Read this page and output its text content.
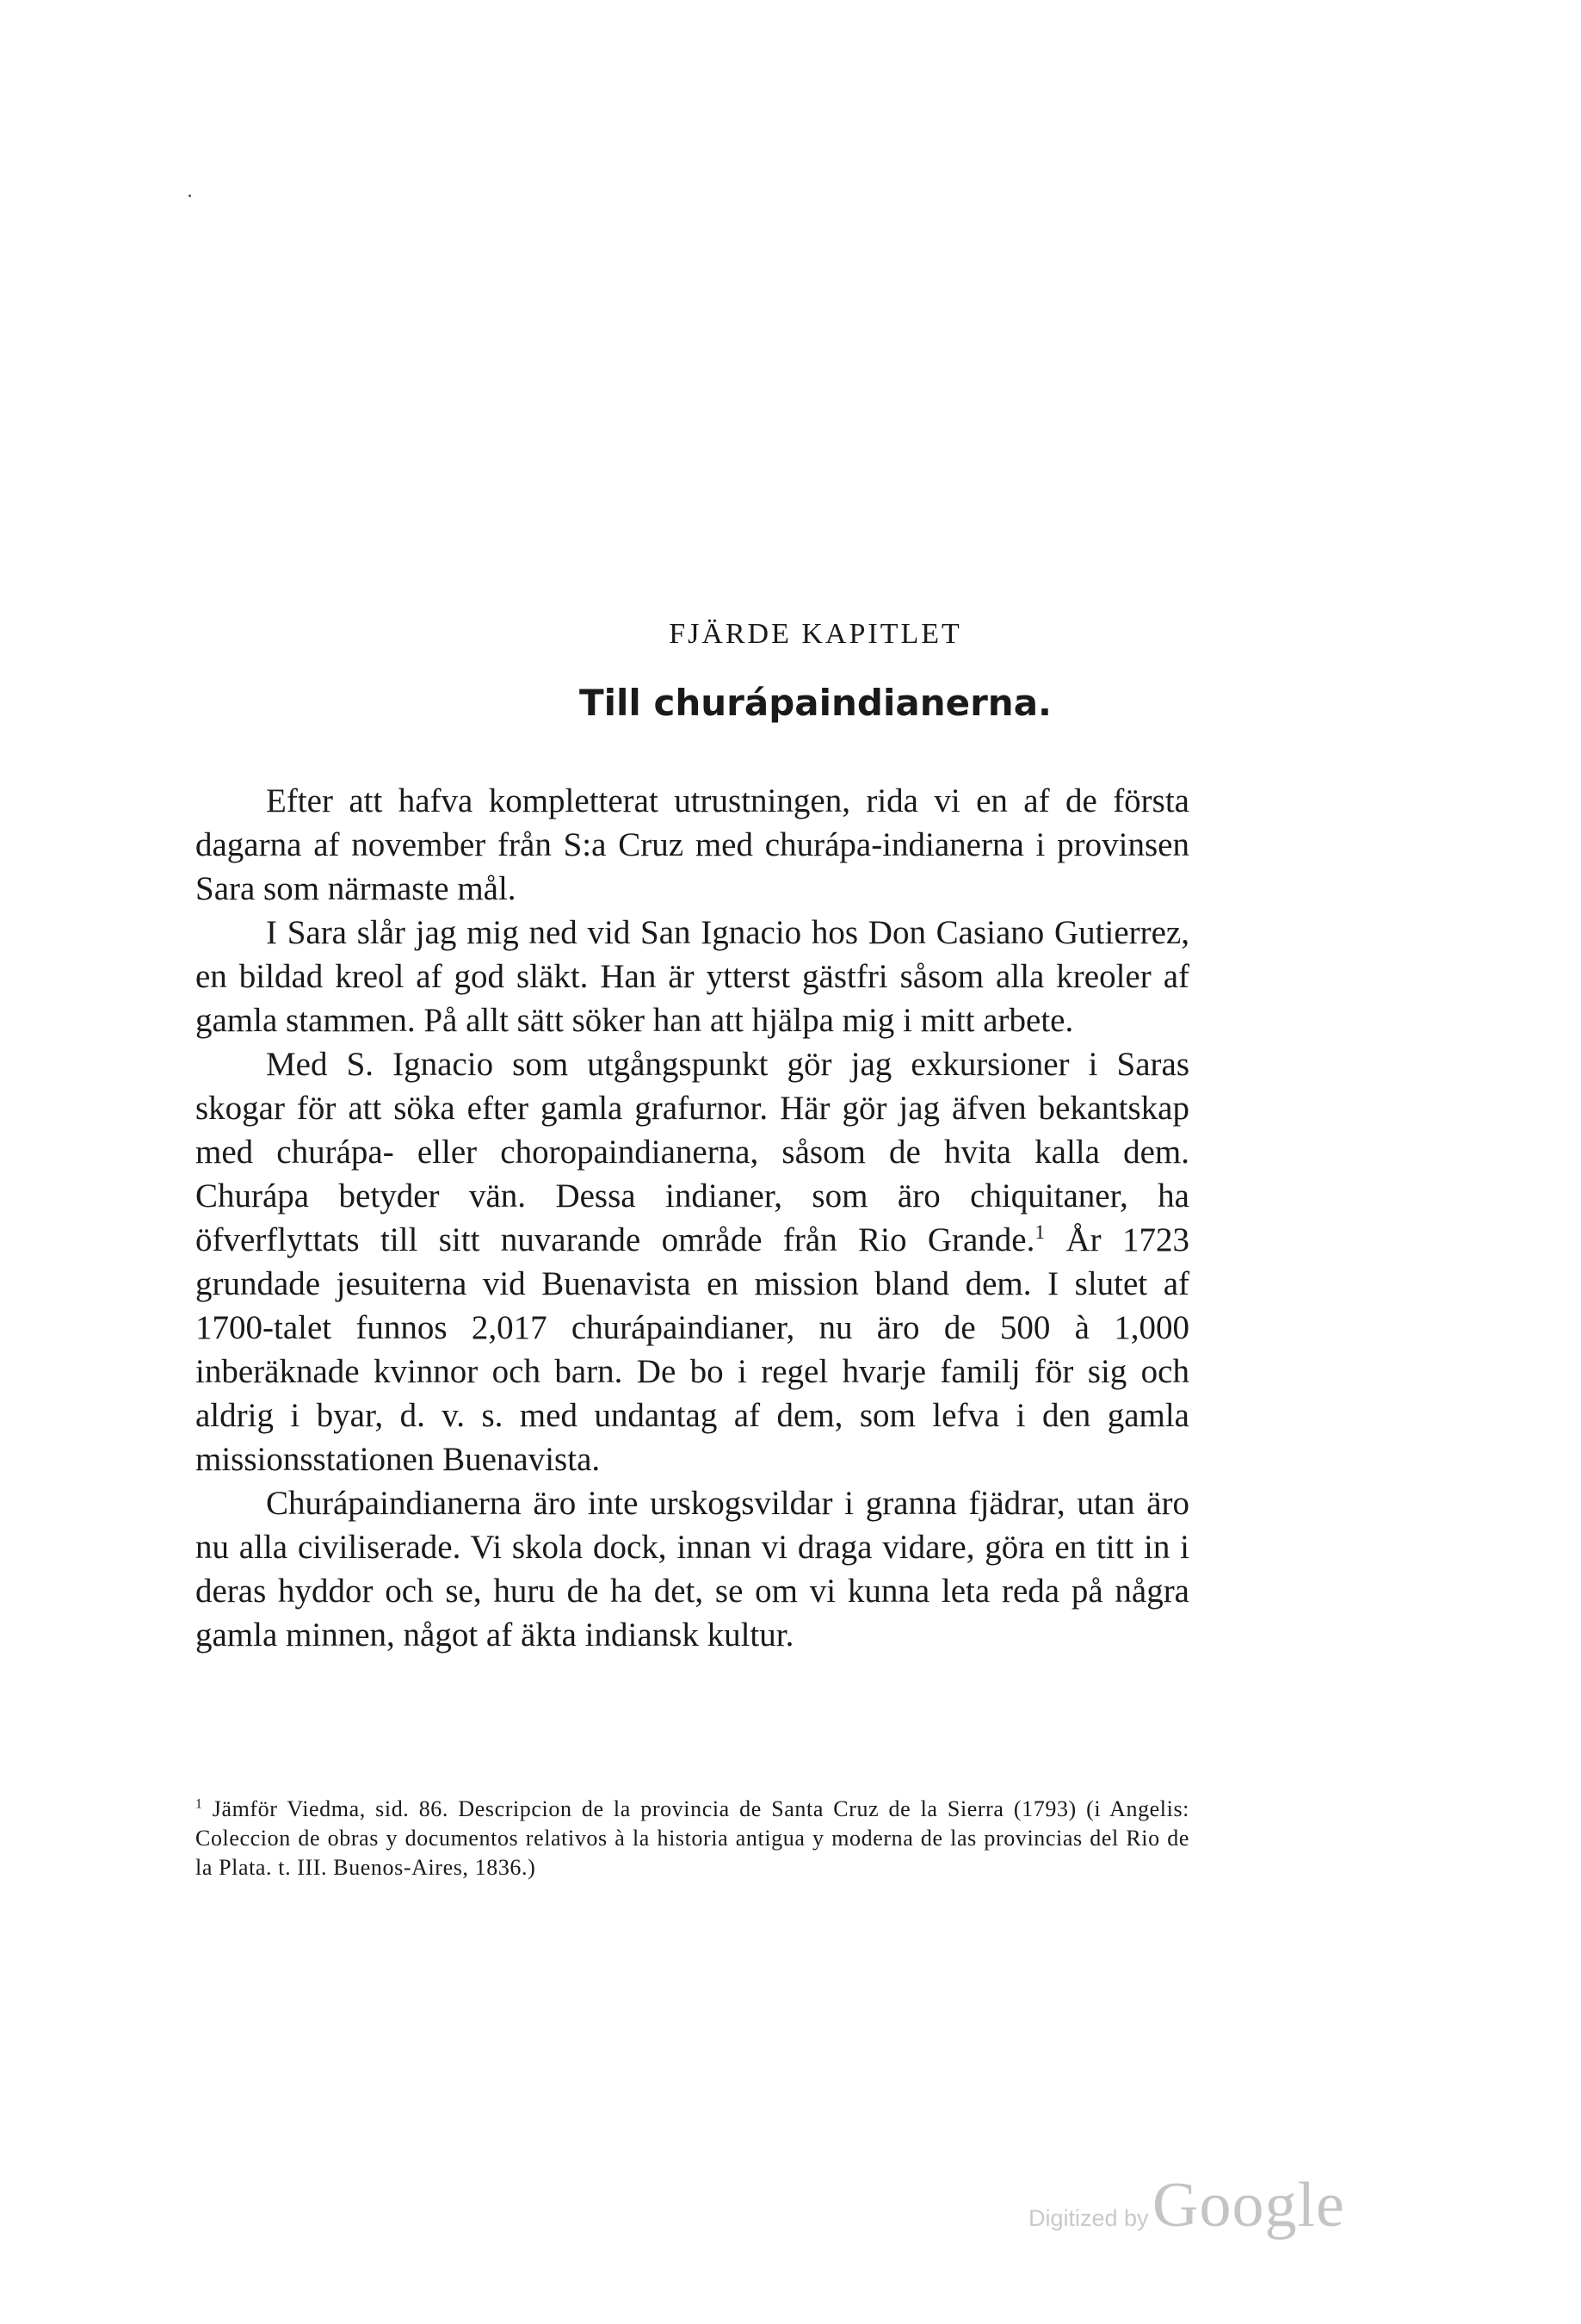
FJÄRDE KAPITLET
Till churápaindianerna.

Efter att hafva kompletterat utrustningen, rida vi en af de första dagarna af november från S:a Cruz med churápa-indianerna i provinsen Sara som närmaste mål.

I Sara slår jag mig ned vid San Ignacio hos Don Casiano Gutierrez, en bildad kreol af god släkt. Han är ytterst gästfri såsom alla kreoler af gamla stammen. På allt sätt söker han att hjälpa mig i mitt arbete.

Med S. Ignacio som utgångspunkt gör jag exkursioner i Saras skogar för att söka efter gamla grafurnor. Här gör jag äfven bekantskap med churápa- eller choropaindianerna, såsom de hvita kalla dem. Churápa betyder vän. Dessa indianer, som äro chiquitaner, ha öfverflyttats till sitt nuvarande område från Rio Grande.$^1$ År 1723 grundade jesuiterna vid Buenavista en mission bland dem. I slutet af 1700-talet funnos 2,017 churápaindianer, nu äro de 500 à 1,000 inberäknade kvinnor och barn. De bo i regel hvarje familj för sig och aldrig i byar, d. v. s. med undantag af dem, som lefva i den gamla missionsstationen Buenavista.

Churápaindianerna äro inte urskogsvildar i granna fjädrar, utan äro nu alla civiliserade. Vi skola dock, innan vi draga vidare, göra en titt in i deras hyddor och se, huru de ha det, se om vi kunna leta reda på några gamla minnen, något af äkta indiansk kultur.

$^1$ Jämför Viedma, sid. 86. Descripcion de la provincia de Santa Cruz de la Sierra (1793) (i Angelis: Coleccion de obras y documentos relativos à la historia antigua y moderna de las provincias del Rio de la Plata. t. III. Buenos-Aires, 1836.)
Digitized by Google
